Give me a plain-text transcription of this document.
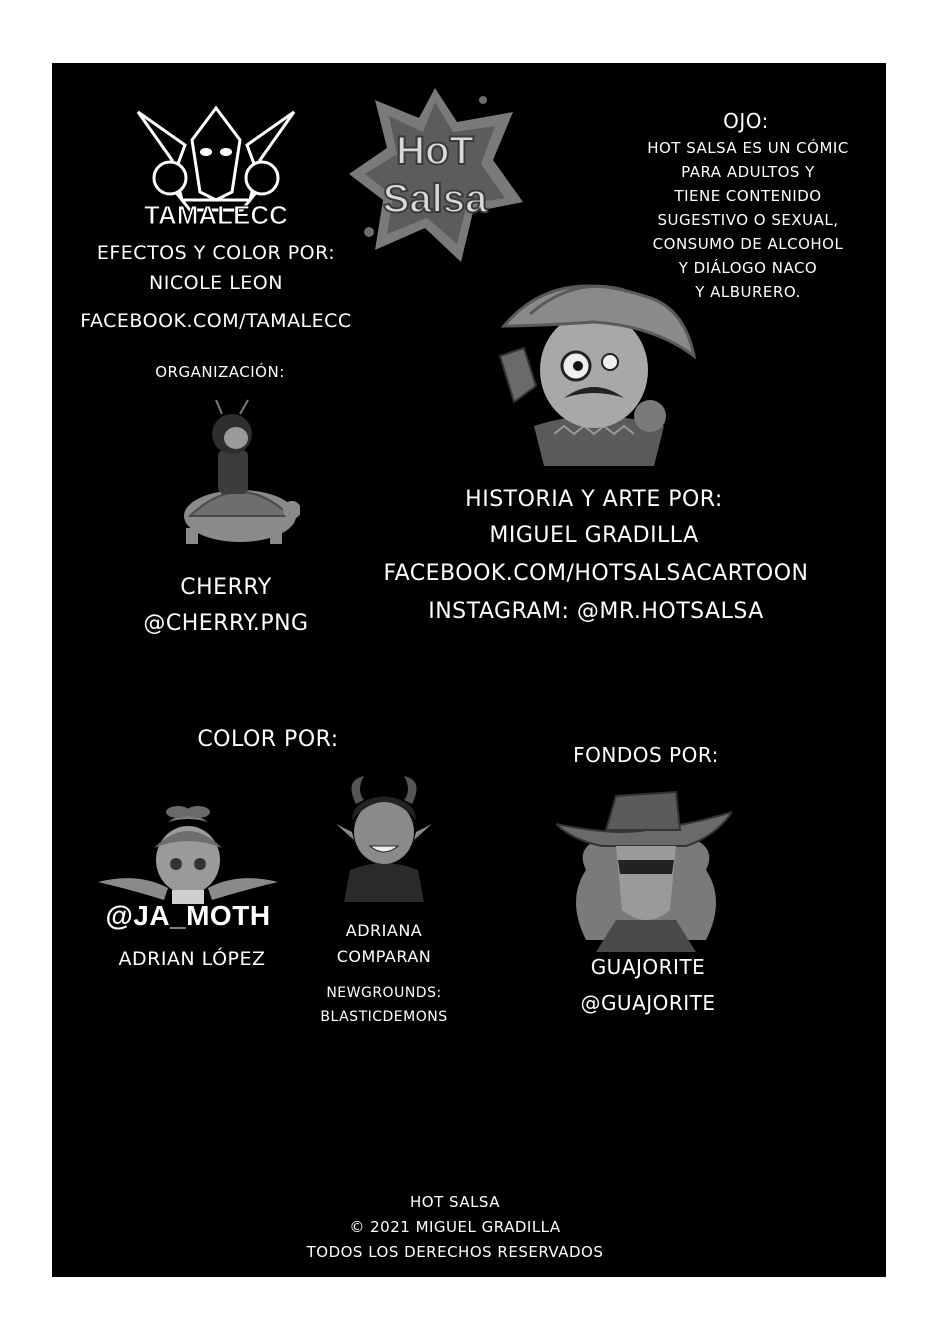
TAMALECC
HoT
Salsa
OJO:
HOT SALSA ES UN CÓMIC
PARA ADULTOS Y
TIENE CONTENIDO
SUGESTIVO O SEXUAL,
CONSUMO DE ALCOHOL
Y DIÁLOGO NACO
Y ALBURERO.
EFECTOS Y COLOR POR:
NICOLE LEON
FACEBOOK.COM/TAMALECC
ORGANIZACIÓN:
CHERRY
@CHERRY.PNG
HISTORIA Y ARTE POR:
MIGUEL GRADILLA
FACEBOOK.COM/HOTSALSACARTOON
INSTAGRAM: @MR.HOTSALSA
COLOR POR:
@JA_MOTH
ADRIAN LÓPEZ
ADRIANA
COMPARAN
NEWGROUNDS:
BLASTICDEMONS
FONDOS POR:
GUAJORITE
@GUAJORITE
HOT SALSA
© 2021 MIGUEL GRADILLA
TODOS LOS DERECHOS RESERVADOS
